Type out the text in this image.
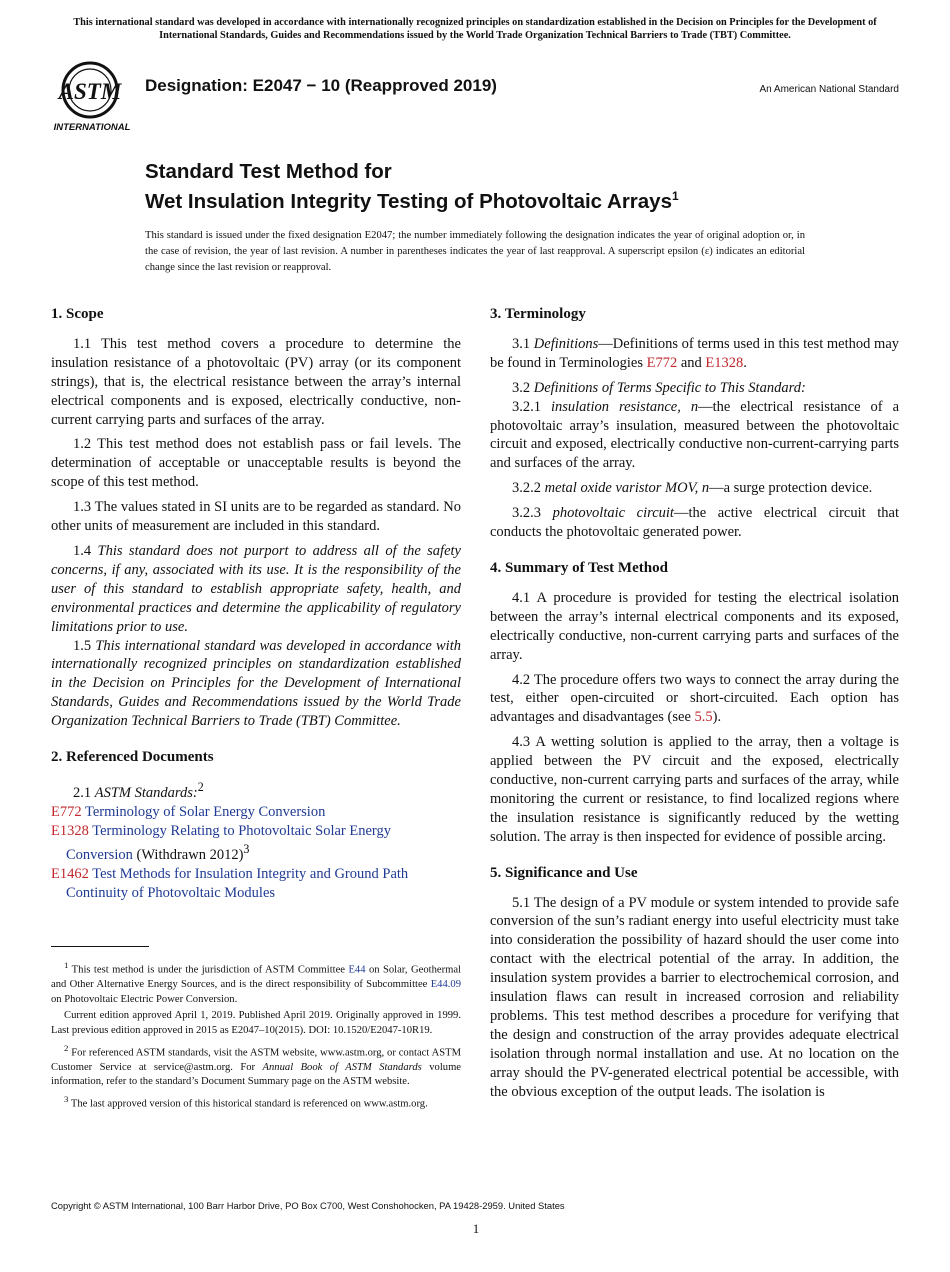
This international standard was developed in accordance with internationally recognized principles on standardization established in the Decision on Principles for the Development of International Standards, Guides and Recommendations issued by the World Trade Organization Technical Barriers to Trade (TBT) Committee.
ASTM
INTERNATIONAL
Designation: E2047 − 10 (Reapproved 2019)	An American National Standard
Standard Test Method for
Wet Insulation Integrity Testing of Photovoltaic Arrays$^1$
This standard is issued under the fixed designation E2047; the number immediately following the designation indicates the year of original adoption or, in the case of revision, the year of last revision. A number in parentheses indicates the year of last reapproval. A superscript epsilon (ε) indicates an editorial change since the last revision or reapproval.
1. Scope

1.1 This test method covers a procedure to determine the insulation resistance of a photovoltaic (PV) array (or its component strings), that is, the electrical resistance between the array’s internal electrical components and is exposed, electrically conductive, non-current carrying parts and surfaces of the array.

1.2 This test method does not establish pass or fail levels. The determination of acceptable or unacceptable results is beyond the scope of this test method.

1.3 The values stated in SI units are to be regarded as standard. No other units of measurement are included in this standard.

1.4 This standard does not purport to address all of the safety concerns, if any, associated with its use. It is the responsibility of the user of this standard to establish appropriate safety, health, and environmental practices and determine the applicability of regulatory limitations prior to use.

1.5 This international standard was developed in accordance with internationally recognized principles on standardization established in the Decision on Principles for the Development of International Standards, Guides and Recommendations issued by the World Trade Organization Technical Barriers to Trade (TBT) Committee.

2. Referenced Documents

2.1 ASTM Standards:$^2$

E772 Terminology of Solar Energy Conversion
E1328 Terminology Relating to Photovoltaic Solar Energy Conversion (Withdrawn 2012)$^3$
E1462 Test Methods for Insulation Integrity and Ground Path Continuity of Photovoltaic Modules

$^1$ This test method is under the jurisdiction of ASTM Committee E44 on Solar, Geothermal and Other Alternative Energy Sources, and is the direct responsibility of Subcommittee E44.09 on Photovoltaic Electric Power Conversion.

Current edition approved April 1, 2019. Published April 2019. Originally approved in 1999. Last previous edition approved in 2015 as E2047–10(2015). DOI: 10.1520/E2047-10R19.

$^2$ For referenced ASTM standards, visit the ASTM website, www.astm.org, or contact ASTM Customer Service at service@astm.org. For Annual Book of ASTM Standards volume information, refer to the standard’s Document Summary page on the ASTM website.

$^3$ The last approved version of this historical standard is referenced on www.astm.org.

3. Terminology

3.1 Definitions—Definitions of terms used in this test method may be found in Terminologies E772 and E1328.

3.2 Definitions of Terms Specific to This Standard:

3.2.1 insulation resistance, n—the electrical resistance of a photovoltaic array’s insulation, measured between the photovoltaic circuit and exposed, electrically conductive non-current-carrying parts and surfaces of the array.

3.2.2 metal oxide varistor MOV, n—a surge protection device.

3.2.3 photovoltaic circuit—the active electrical circuit that conducts the photovoltaic generated power.

4. Summary of Test Method

4.1 A procedure is provided for testing the electrical isolation between the array’s internal electrical components and its exposed, electrically conductive, non-current carrying parts and surfaces of the array.

4.2 The procedure offers two ways to connect the array during the test, either open-circuited or short-circuited. Each option has advantages and disadvantages (see 5.5).

4.3 A wetting solution is applied to the array, then a voltage is applied between the PV circuit and the exposed, electrically conductive, non-current carrying parts and surfaces of the array, while monitoring the current or resistance, to find localized regions where the insulation resistance is significantly reduced by the wetting solution. The array is then inspected for evidence of possible arcing.

5. Significance and Use

5.1 The design of a PV module or system intended to provide safe conversion of the sun’s radiant energy into useful electricity must take into consideration the possibility of hazard should the user come into contact with the electrical potential of the array. In addition, the insulation system provides a barrier to electrochemical corrosion, and insulation flaws can result in increased corrosion and reliability problems. This test method describes a procedure for verifying that the design and construction of the array provides adequate electrical isolation through normal installation and use. At no location on the array should the PV-generated electrical potential be accessible, with the obvious exception of the output leads. The isolation is

Copyright © ASTM International, 100 Barr Harbor Drive, PO Box C700, West Conshohocken, PA 19428-2959. United States
1
